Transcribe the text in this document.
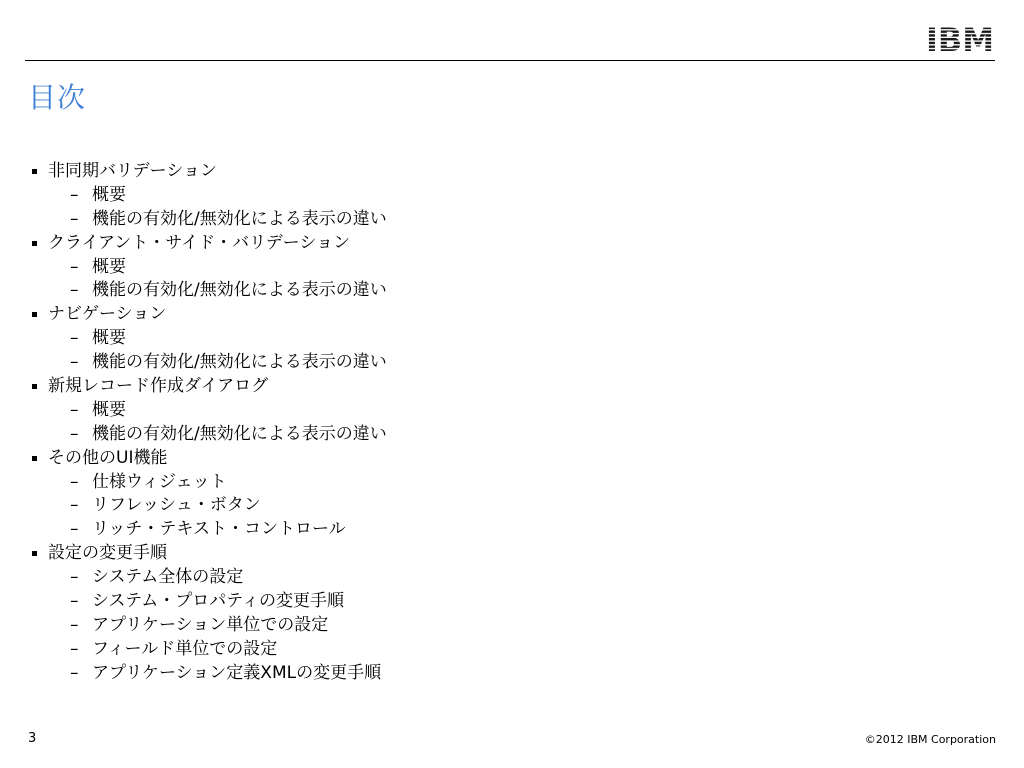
IBM
目次
非同期バリデーション
– 概要
– 機能の有効化/無効化による表示の違い
クライアント・サイド・バリデーション
– 概要
– 機能の有効化/無効化による表示の違い
ナビゲーション
– 概要
– 機能の有効化/無効化による表示の違い
新規レコード作成ダイアログ
– 概要
– 機能の有効化/無効化による表示の違い
その他のUI機能
– 仕様ウィジェット
– リフレッシュ・ボタン
– リッチ・テキスト・コントロール
設定の変更手順
– システム全体の設定
– システム・プロパティの変更手順
– アプリケーション単位での設定
– フィールド単位での設定
– アプリケーション定義XMLの変更手順
3	©2012 IBM Corporation
